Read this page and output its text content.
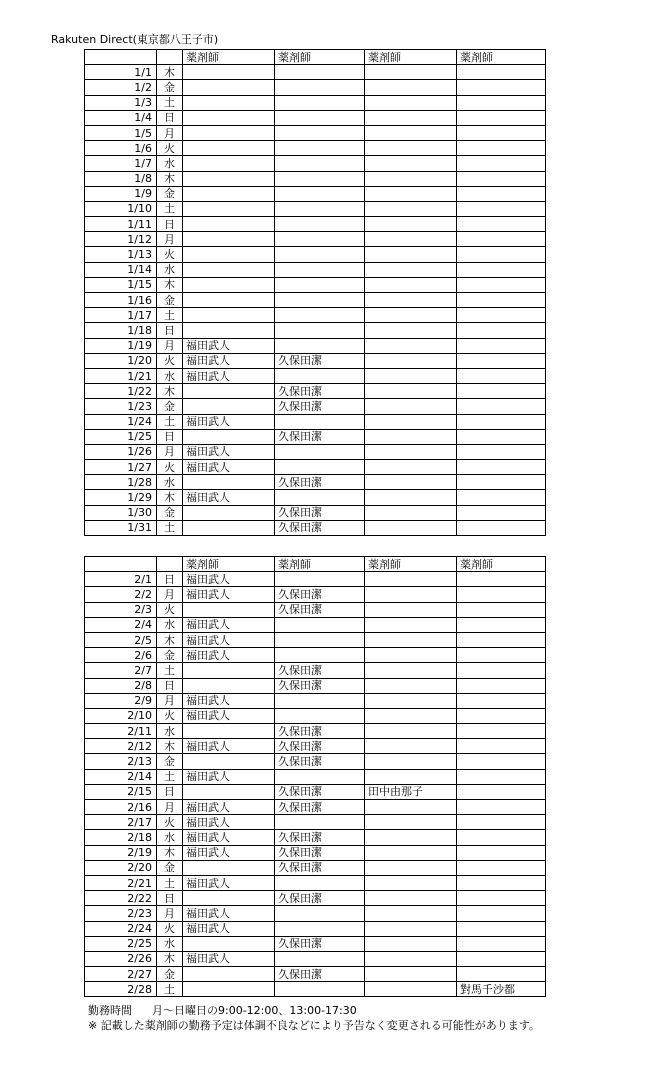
Rakuten Direct(東京都八王子市)
		薬剤師	薬剤師	薬剤師	薬剤師
1/1	木				
1/2	金				
1/3	土				
1/4	日				
1/5	月				
1/6	火				
1/7	水				
1/8	木				
1/9	金				
1/10	土				
1/11	日				
1/12	月				
1/13	火				
1/14	水				
1/15	木				
1/16	金				
1/17	土				
1/18	日				
1/19	月	福田武人			
1/20	火	福田武人	久保田潔		
1/21	水	福田武人			
1/22	木		久保田潔		
1/23	金		久保田潔		
1/24	土	福田武人			
1/25	日		久保田潔		
1/26	月	福田武人			
1/27	火	福田武人			
1/28	水		久保田潔		
1/29	木	福田武人			
1/30	金		久保田潔		
1/31	土		久保田潔		
		薬剤師	薬剤師	薬剤師	薬剤師
2/1	日	福田武人			
2/2	月	福田武人	久保田潔		
2/3	火		久保田潔		
2/4	水	福田武人			
2/5	木	福田武人			
2/6	金	福田武人			
2/7	土		久保田潔		
2/8	日		久保田潔		
2/9	月	福田武人			
2/10	火	福田武人			
2/11	水		久保田潔		
2/12	木	福田武人	久保田潔		
2/13	金		久保田潔		
2/14	土	福田武人			
2/15	日		久保田潔	田中由那子	
2/16	月	福田武人	久保田潔		
2/17	火	福田武人			
2/18	水	福田武人	久保田潔		
2/19	木	福田武人	久保田潔		
2/20	金		久保田潔		
2/21	土	福田武人			
2/22	日		久保田潔		
2/23	月	福田武人			
2/24	火	福田武人			
2/25	水		久保田潔		
2/26	木	福田武人			
2/27	金		久保田潔		
2/28	土				對馬千沙都
勤務時間 月～日曜日の9:00-12:00、13:00-17:30
※ 記載した薬剤師の勤務予定は体調不良などにより予告なく変更される可能性があります。
